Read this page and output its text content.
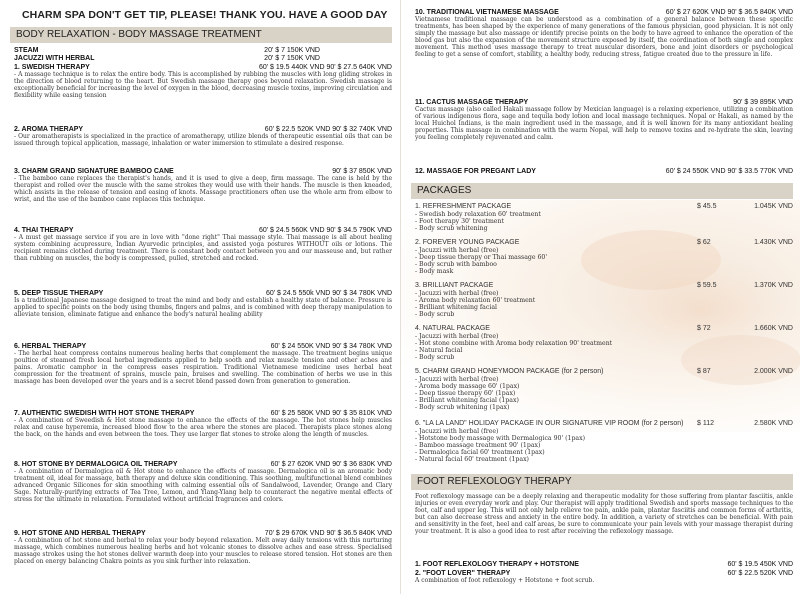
CHARM SPA DON'T GET TIP, PLEASE! THANK YOU. HAVE A GOOD DAY
BODY RELAXATION - BODY MASSAGE TREATMENT
STEAM	20' $ 7 150K VND
JACUZZI WITH HERBAL	20' $ 7 150K VND
1. SWEDISH THERAPY	60' $ 19.5 440K VND 90' $ 27.5 640K VND
- A massage technique is to relax the entire body. This is accomplished by rubbing the muscles with long gliding strokes in the direction of blood returning to the heart. But Swedish massage therapy goes beyond relaxation. Swedish massage is exceptionally beneficial for increasing the level of oxygen in the blood, decreasing muscle toxins, improving circulation and flexibility while easing tension
2. AROMA THERAPY	60' $ 22.5 520K VND 90' $ 32 740K VND
- Our aromatherapists is specialized in the practice of aromatherapy, utilize blends of therapeutic essential oils that can be issued through topical application, massage, inhalation or water immersion to stimulate a desired response.
3. CHARM GRAND SIGNATURE BAMBOO CANE	90' $ 37 850K VND
- The bamboo cane replaces the therapist's hands, and it is used to give a deep, firm massage. The cane is held by the therapist and rolled over the muscle with the same strokes they would use with their hands. The muscle is then kneaded, which assists in the release of tension and easing of knots. Massage practitioners often use the whole arm from elbow to wrist, and the use of the bamboo cane replaces this technique.
4. THAI THERAPY	60' $ 24.5 560K VND 90' $ 34.5 790K VND
- A must get massage service if you are in love with "done right" Thai massage style. Thai massage is all about healing system combining acupressure, Indian Ayurvedic principles, and assisted yoga postures WITHOUT oils or lotions. The recipient remains clothed during treatment. There is constant body contact between you and our masseuse and, but rather than rubbing on muscles, the body is compressed, pulled, stretched and rocked.
5. DEEP TISSUE THERAPY	60' $ 24.5 550k VND 90' $ 34 780K VND
Is a traditional Japanese massage designed to treat the mind and body and establish a healthy state of balance. Pressure is applied to specific points on the body using thumbs, fingers and palms, and is combined with deep therapy manipulation to alleviate tension, eliminate fatigue and enhance the body's natural healing ability
6. HERBAL THERAPY	60' $ 24 550K VND 90' $ 34 780K VND
- The herbal heat compress contains numerous healing herbs that complement the massage. The treatment begins unique poultice of steamed fresh local herbal ingredients applied to help sooth and relax muscle tension and other aches and pains. Aromatic camphor in the compress eases respiration. Traditional Vietnamese medicine uses herbal heat compression for the treatment of sprains, muscle pain, bruises and swelling. The combination of herbs we use in this massage has been developed over the years and is a secret blend passed down from generation to generation.
7. AUTHENTIC SWEDISH WITH HOT STONE THERAPY	60' $ 25 580K VND 90' $ 35 810K VND
- A combination of Sweedish & Hot stone massage to enhance the effects of the massage. The hot stones help muscles relax and cause hyperemia, increased blood flow to the area where the stones are placed. Therapists place stones along the back, on the hands and even between the toes. They use larger flat stones to stroke along the length of muscles.
8. HOT STONE BY DERMALOGICA OIL THERAPY	60' $ 27 620K VND 90' $ 36 830K VND
- A combination of Dermalogica oil & Hot stone to enhance the effects of massage. Dermalogica oil is an aromatic body treatment oil, ideal for massage, bath therapy and deluxe skin conditioning. This soothing, multifunctional blend combines advanced Organic Silicones for skin smoothing with calming essential oils of Sandalwood, Lavender, Orange and Clary Sage. Naturally-purifying extracts of Tea Tree, Lemon, and Ylang-Ylang help to counteract the negative mental effects of stress for the ultimate in relaxation. Formulated without artificial fragrances and colors.
9. HOT STONE AND HERBAL THERAPY	70' $ 29 670K VND 90' $ 36.5 840K VND
- A combination of hot stone and herbal to relax your body beyond relaxation. Melt away daily tensions with this nurturing massage, which combines numerous healing herbs and hot volcanic stones to dissolve aches and ease stress. Specialised massage strokes using the hot stones deliver warmth deep into your muscles to release stored tension. Hot stones are then placed on energy balancing Chakra points as you sink further into relaxation.
10. TRADITIONAL VIETNAMESE MASSAGE	60' $ 27 620K VND 90' $ 36.5 840K VND
Vietnamese traditional massage can be understood as a combination of a general balance between these specific treatments, has been shaped by the experience of many generations of the famous physician, good physician. It is not only simply the massage but also massage or identify precise points on the body to have agreed to enhance the operation of the blood gas but also the expansion of the movement structure exposed by itself, the coordination of both single and complex movement. This method uses massage therapy to treat muscular disorders, bone and joint disorders or psychological feeling to get a sense of comfort, stability, a healthy body, reducing stress, fatigue created due to the pressure in life.
11. CACTUS MASSAGE THERAPY	90' $ 39 895K VND
Cactus massage (also called Hakali massage follow by Mexician language) is a relaxing experience, utilizing a combination of various indigenous flora, sage and tequila body lotion and local massage techniques. Nopal or Hakali, as named by the local Huichol Indians, is the main ingredient used in the massage, and it is well known for its many antioxidant healing properties. This massage in combination with the warm Nopal, will help to remove toxins and re-hydrate the skin, leaving you feeling completely rejuvenated and calm.
12. MASSAGE FOR PREGANT LADY	60' $ 24 550K VND 90' $ 33.5 770K VND
PACKAGES
1. REFRESHMENT PACKAGE	$ 45.5	1.045K VND
- Swedish body relaxation 60' treatment
- Foot therapy 30' treatment
- Body scrub whitening
2. FOREVER YOUNG PACKAGE	$ 62	1.430K VND
- Jacuzzi with herbal (free)
- Deep tissue therapy or Thai massage 60'
- Body scrub with bamboo
- Body mask
3. BRILLIANT PACKAGE	$ 59.5	1.370K VND
- Jacuzzi with herbal (free)
- Aroma body relaxation 60' treatment
- Brilliant whitening facial
- Body scrub
4. NATURAL PACKAGE	$ 72	1.660K VND
- Jacuzzi with herbal (free)
- Hot stone combine with Aroma body relaxation 90' treatment
- Natural facial
- Body scrub
5. CHARM GRAND HONEYMOON PACKAGE (for 2 person)	$ 87	2.000K VND
- Jacuzzi with herbal (free)
- Aroma body massage 60' (1pax)
- Deep tissue therapy 60' (1pax)
- Brilliant whitening facial (1pax)
- Body scrub whitening (1pax)
6. "LA LA LAND" HOLIDAY PACKAGE IN OUR SIGNATURE VIP ROOM (for 2 person)	$ 112	2.580K VND
- Jacuzzi with herbal (free)
- Hotstone body massage with Dermalogica 90' (1pax)
- Bamboo massage treatment 90' (1pax)
- Dermalogica facial 60' treatment (1pax)
- Natural facial 60' treatment (1pax)
FOOT REFLEXOLOGY THERAPY
Foot reflexology massage can be a deeply relaxing and therapeutic modality for those suffering from plantar fasciitis, ankle injuries or even everyday work and play. Our therapist will apply traditional Swedish and sports massage techniques to the foot, calf and upper leg. This will not only help relieve toe pain, ankle pain, plantar fasciitis and common forms of arthritis, but can also decrease stress and anxiety in the entire body. In addition, a variety of stretches can be beneficial. With pain and sensitivity in the feet, heel and calf areas, be sure to communicate your pain levels with your massage therapist during your treatment. It is also a good idea to rest after receiving the reflexology massage.
1. FOOT REFLEXOLOGY THERAPY + HOTSTONE	60' $ 19.5 450K VND
2. "FOOT LOVER" THERAPY	60' $ 22.5 520K VND
A combination of foot reflexology + Hotstone + foot scrub.
